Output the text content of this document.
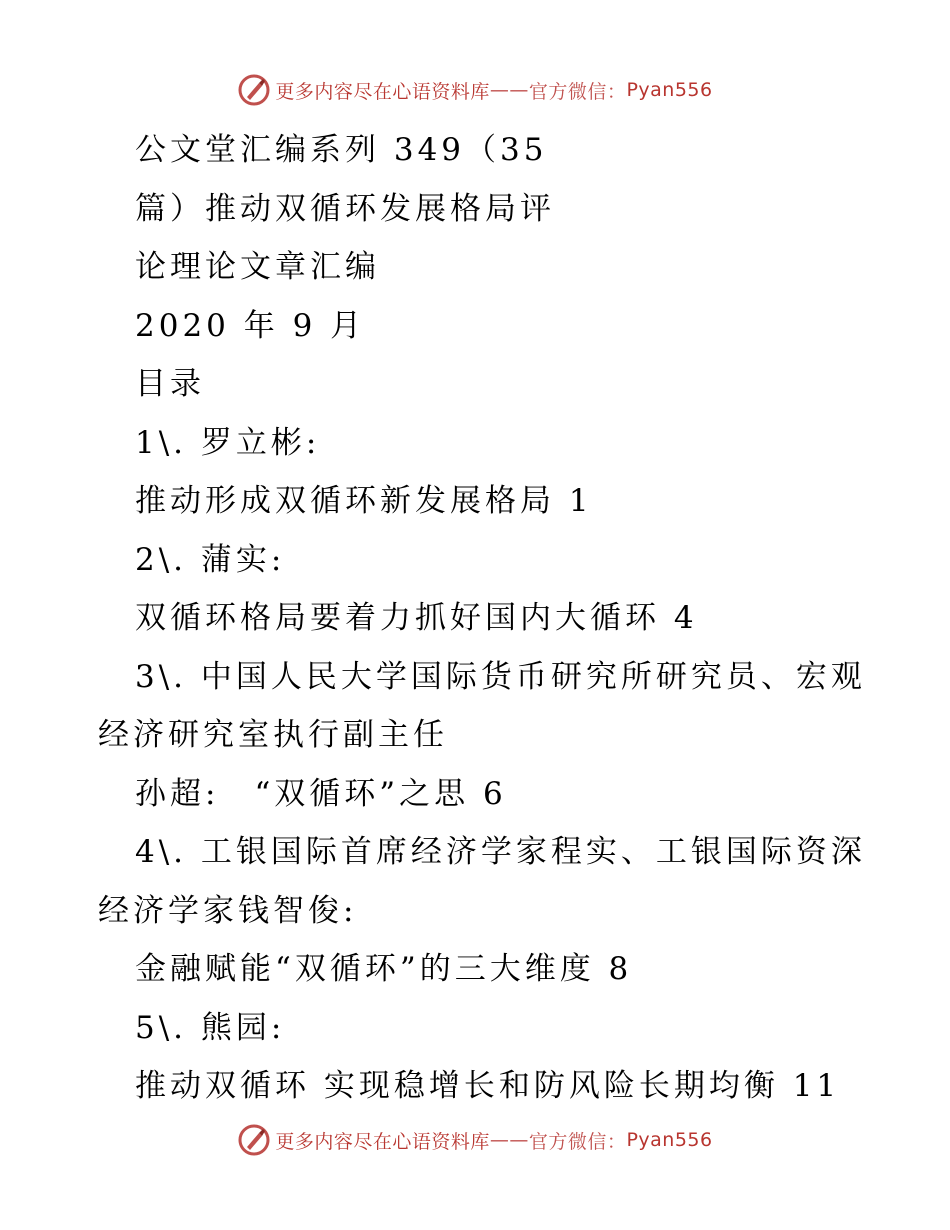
更多内容尽在心语资料库 —— 官方微信： Pyan556
公文堂汇编系列 349（35
篇）推动双循环发展格局评
论理论文章汇编
2020 年 9 月
目录
1\. 罗立彬:
推动形成双循环新发展格局 1
2\. 蒲实:
双循环格局要着力抓好国内大循环 4
3\. 中国人民大学国际货币研究所研究员、宏观
经济研究室执行副主任
孙超:　“双循环”之思 6
4\. 工银国际首席经济学家程实、工银国际资深
经济学家钱智俊:
金融赋能“双循环”的三大维度 8
5\. 熊园:
推动双循环 实现稳增长和防风险长期均衡 11
更多内容尽在心语资料库 —— 官方微信： Pyan556
